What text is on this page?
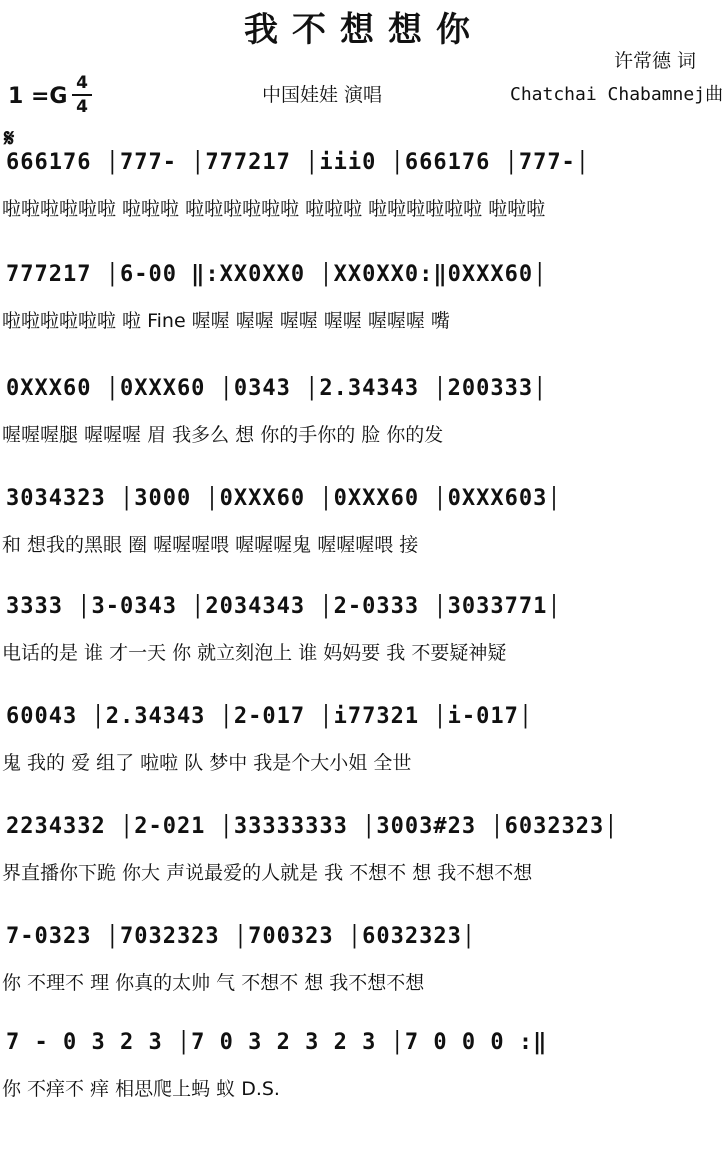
我不想想你
许常德 词
1 =G
4
4
中国娃娃 演唱	Chatchai Chabamnej曲
𝄋
666176 │777- │777217 │iii0 │666176 │777-│
啦啦啦啦啦啦 啦啦啦 啦啦啦啦啦啦 啦啦啦 啦啦啦啦啦啦 啦啦啦
777217 │6-00 ‖:XX0XX0 │XX0XX0:‖0XXX60│
啦啦啦啦啦啦 啦 Fine 喔喔 喔喔 喔喔 喔喔 喔喔喔 嘴
0XXX60 │0XXX60 │0343 │2.34343 │200333│
喔喔喔腿 喔喔喔 眉 我多么 想 你的手你的 脸 你的发
3034323 │3000 │0XXX60 │0XXX60 │0XXX603│
和 想我的黑眼 圈 喔喔喔喂 喔喔喔鬼 喔喔喔喂 接
3333 │3-0343 │2034343 │2-0333 │3033771│
电话的是 谁 才一天 你 就立刻泡上 谁 妈妈要 我 不要疑神疑
60043 │2.34343 │2-017 │i77321 │i-017│
鬼 我的 爱 组了 啦啦 队 梦中 我是个大小姐 全世
2234332 │2-021 │33333333 │3003#23 │6032323│
界直播你下跪 你大 声说最爱的人就是 我 不想不 想 我不想不想
7-0323 │7032323 │700323 │6032323│
你 不理不 理 你真的太帅 气 不想不 想 我不想不想
7 - 0 3 2 3 │7 0 3 2 3 2 3 │7 0 0 0 :‖
你 不痒不 痒 相思爬上蚂 蚁 D.S.
